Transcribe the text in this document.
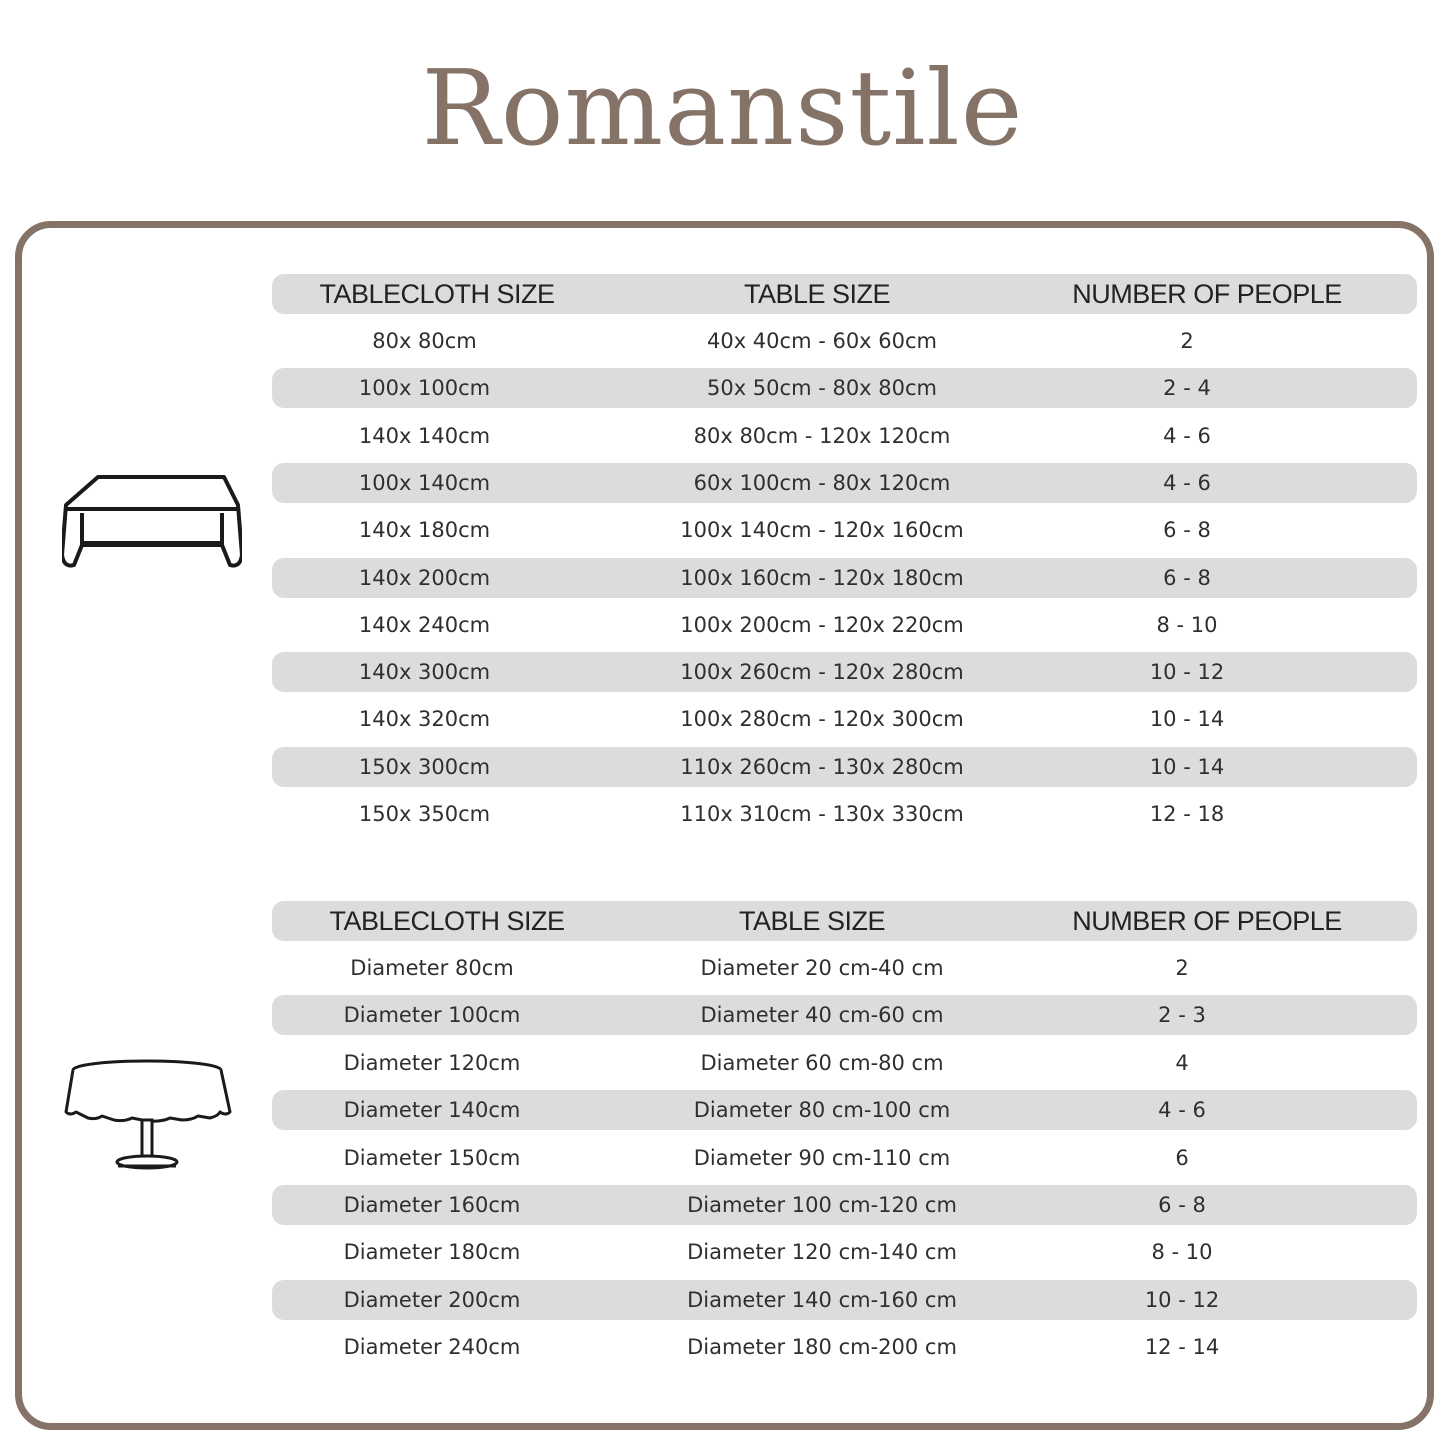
Romanstile
TABLECLOTH SIZE	TABLE SIZE	NUMBER OF PEOPLE
80x 80cm	40x 40cm - 60x 60cm	2
100x 100cm	50x 50cm - 80x 80cm	2 - 4
140x 140cm	80x 80cm - 120x 120cm	4 - 6
100x 140cm	60x 100cm - 80x 120cm	4 - 6
140x 180cm	100x 140cm - 120x 160cm	6 - 8
140x 200cm	100x 160cm - 120x 180cm	6 - 8
140x 240cm	100x 200cm - 120x 220cm	8 - 10
140x 300cm	100x 260cm - 120x 280cm	10 - 12
140x 320cm	100x 280cm - 120x 300cm	10 - 14
150x 300cm	110x 260cm - 130x 280cm	10 - 14
150x 350cm	110x 310cm - 130x 330cm	12 - 18
TABLECLOTH SIZE	TABLE SIZE	NUMBER OF PEOPLE
Diameter 80cm	Diameter 20 cm-40 cm	2
Diameter 100cm	Diameter 40 cm-60 cm	2 - 3
Diameter 120cm	Diameter 60 cm-80 cm	4
Diameter 140cm	Diameter 80 cm-100 cm	4 - 6
Diameter 150cm	Diameter 90 cm-110 cm	6
Diameter 160cm	Diameter 100 cm-120 cm	6 - 8
Diameter 180cm	Diameter 120 cm-140 cm	8 - 10
Diameter 200cm	Diameter 140 cm-160 cm	10 - 12
Diameter 240cm	Diameter 180 cm-200 cm	12 - 14
